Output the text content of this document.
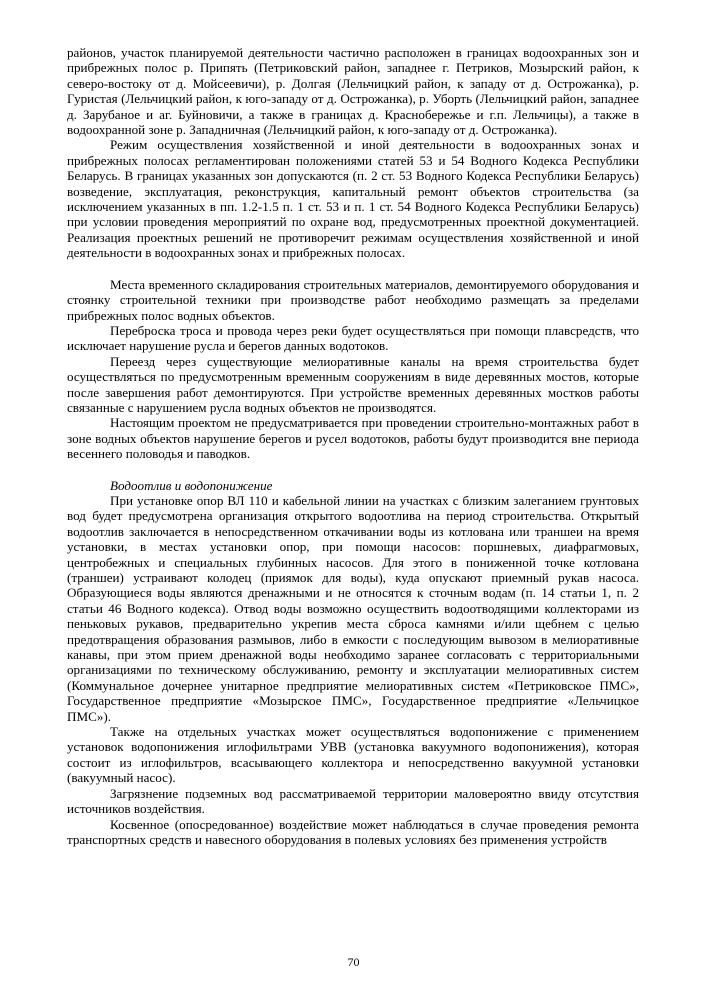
районов, участок планируемой деятельности частично расположен в границах водоохранных зон и прибрежных полос р. Припять (Петриковский район, западнее г. Петриков, Мозырский район, к северо-востоку от д. Мойсеевичи), р. Долгая (Лельчицкий район, к западу от д. Острожанка), р. Гуристая (Лельчицкий район, к юго-западу от д. Острожанка), р. Уборть (Лельчицкий район, западнее д. Зарубаное и аг. Буйновичи, а также в границах д. Краснобережье и г.п. Лельчицы), а также в водоохранной зоне р. Западничная (Лельчицкий район, к юго-западу от д. Острожанка).

Режим осуществления хозяйственной и иной деятельности в водоохранных зонах и прибрежных полосах регламентирован положениями статей 53 и 54 Водного Кодекса Республики Беларусь. В границах указанных зон допускаются (п. 2 ст. 53 Водного Кодекса Республики Беларусь) возведение, эксплуатация, реконструкция, капитальный ремонт объектов строительства (за исключением указанных в пп. 1.2-1.5 п. 1 ст. 53 и п. 1 ст. 54 Водного Кодекса Республики Беларусь) при условии проведения мероприятий по охране вод, предусмотренных проектной документацией. Реализация проектных решений не противоречит режимам осуществления хозяйственной и иной деятельности в водоохранных зонах и прибрежных полосах.

Места временного складирования строительных материалов, демонтируемого оборудования и стоянку строительной техники при производстве работ необходимо размещать за пределами прибрежных полос водных объектов.

Переброска троса и провода через реки будет осуществляться при помощи плавсредств, что исключает нарушение русла и берегов данных водотоков.

Переезд через существующие мелиоративные каналы на время строительства будет осуществляться по предусмотренным временным сооружениям в виде деревянных мостов, которые после завершения работ демонтируются. При устройстве временных деревянных мостков работы связанные с нарушением русла водных объектов не производятся.

Настоящим проектом не предусматривается при проведении строительно-монтажных работ в зоне водных объектов нарушение берегов и русел водотоков, работы будут производится вне периода весеннего половодья и паводков.

Водоотлив и водопонижение

При установке опор ВЛ 110 и кабельной линии на участках с близким залеганием грунтовых вод будет предусмотрена организация открытого водоотлива на период строительства. Открытый водоотлив заключается в непосредственном откачивании воды из котлована или траншеи на время установки, в местах установки опор, при помощи насосов: поршневых, диафрагмовых, центробежных и специальных глубинных насосов. Для этого в пониженной точке котлована (траншеи) устраивают колодец (приямок для воды), куда опускают приемный рукав насоса. Образующиеся воды являются дренажными и не относятся к сточным водам (п. 14 статьи 1, п. 2 статьи 46 Водного кодекса). Отвод воды возможно осуществить водоотводящими коллекторами из пеньковых рукавов, предварительно укрепив места сброса камнями и/или щебнем с целью предотвращения образования размывов, либо в емкости с последующим вывозом в мелиоративные канавы, при этом прием дренажной воды необходимо заранее согласовать с территориальными организациями по техническому обслуживанию, ремонту и эксплуатации мелиоративных систем (Коммунальное дочернее унитарное предприятие мелиоративных систем «Петриковское ПМС», Государственное предприятие «Мозырское ПМС», Государственное предприятие «Лельчицкое ПМС»).

Также на отдельных участках может осуществляться водопонижение с применением установок водопонижения иглофильтрами УВВ (установка вакуумного водопонижения), которая состоит из иглофильтров, всасывающего коллектора и непосредственно вакуумной установки (вакуумный насос).

Загрязнение подземных вод рассматриваемой территории маловероятно ввиду отсутствия источников воздействия.

Косвенное (опосредованное) воздействие может наблюдаться в случае проведения ремонта транспортных средств и навесного оборудования в полевых условиях без применения устройств

70
